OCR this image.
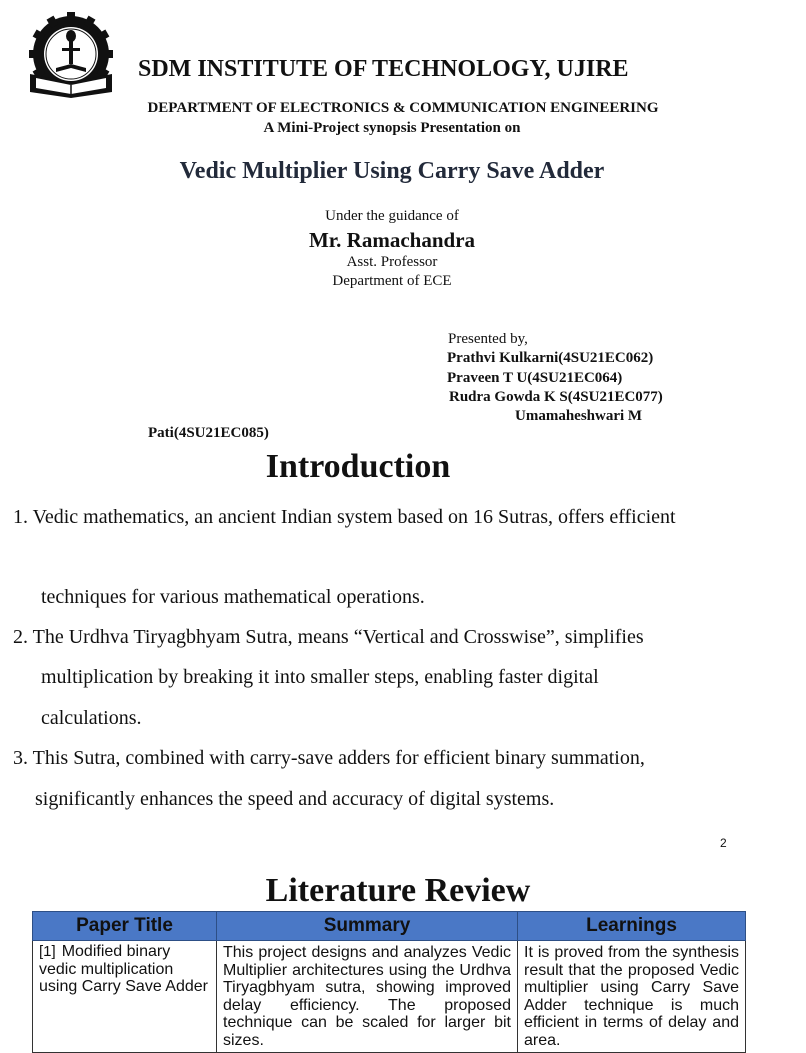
SDM INSTITUTE OF TECHNOLOGY, UJIRE
DEPARTMENT OF ELECTRONICS & COMMUNICATION ENGINEERING
A Mini-Project synopsis Presentation on
Vedic Multiplier Using Carry Save Adder
Under the guidance of
Mr. Ramachandra
Asst. Professor
Department of ECE
Presented by,
Prathvi Kulkarni(4SU21EC062)
Praveen T U(4SU21EC064)
Rudra Gowda K S(4SU21EC077)
Umamaheshwari M
Pati(4SU21EC085)
Introduction
1. Vedic mathematics, an ancient Indian system based on 16 Sutras, offers efficient
techniques for various mathematical operations.
2. The Urdhva Tiryagbhyam Sutra, means “Vertical and Crosswise”, simplifies
multiplication by breaking it into smaller steps, enabling faster digital
calculations.
3. This Sutra, combined with carry-save adders for efficient binary summation,
significantly enhances the speed and accuracy of digital systems.
2
Literature Review
Paper Title	Summary	Learnings
[1] Modified binary vedic multiplication using Carry Save Adder	This project designs and analyzes Vedic Multiplier architectures using the Urdhva Tiryagbhyam sutra, showing improved delay efficiency. The proposed technique can be scaled for larger bit sizes.	It is proved from the synthesis result that the proposed Vedic multiplier using Carry Save Adder technique is much efficient in terms of delay and area.
